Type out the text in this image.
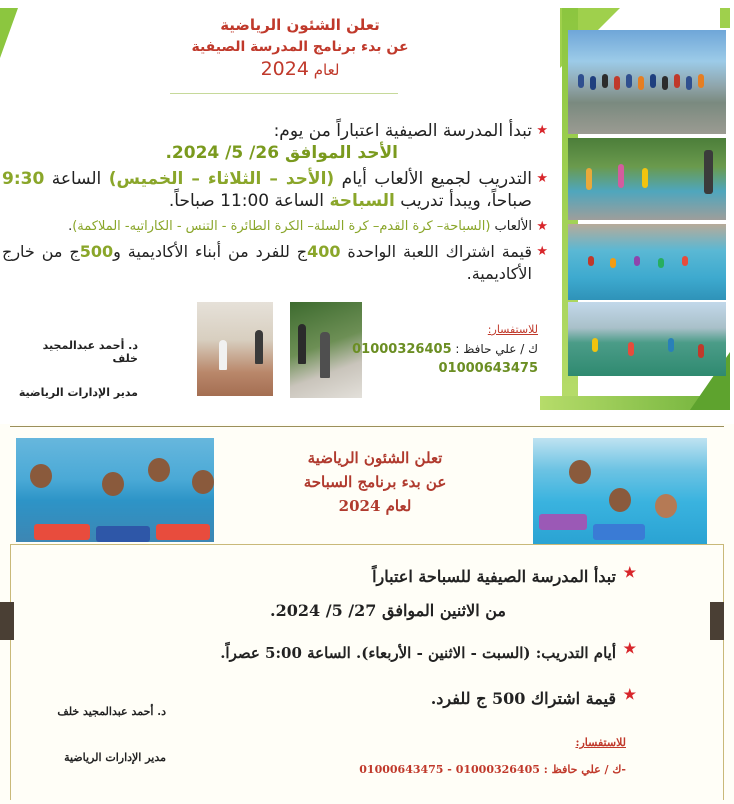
تعلن الشئون الرياضية
عن بدء برنامج المدرسة الصيفية
لعام 2024
★
تبدأ المدرسة الصيفية اعتباراً من يوم:
الأحد الموافق 26/ 5/ 2024.
★
التدريب لجميع الألعاب أيام (الأحد – الثلاثاء – الخميس) الساعة 9:30 صباحاً، ويبدأ تدريب السباحة الساعة 11:00 صباحاً.
★
الألعاب (السباحة– كرة القدم– كرة السلة– الكرة الطائرة - التنس - الكاراتيه- الملاكمة).
★
قيمة اشتراك اللعبة الواحدة 400ج للفرد من أبناء الأكاديمية و500ج من خارج الأكاديمية.
د. أحمد عبدالمجيد خلف
مدير الإدارات الرياضية
للاستفسار:
ك / علي حافظ : 01000326405
01000643475
تعلن الشئون الرياضية
عن بدء برنامج السباحة
لعام 2024
★
تبدأ المدرسة الصيفية للسباحة اعتباراً
من الاثنين الموافق 27/ 5/ 2024.
★
أيام التدريب: (السبت - الاثنين - الأربعاء). الساعة 5:00 عصراً.
★
قيمة اشتراك 500 ج للفرد.
د. أحمد عبدالمجيد خلف
مدير الإدارات الرياضية
للاستفسار:
-ك / علي حافظ : 01000326405 - 01000643475
